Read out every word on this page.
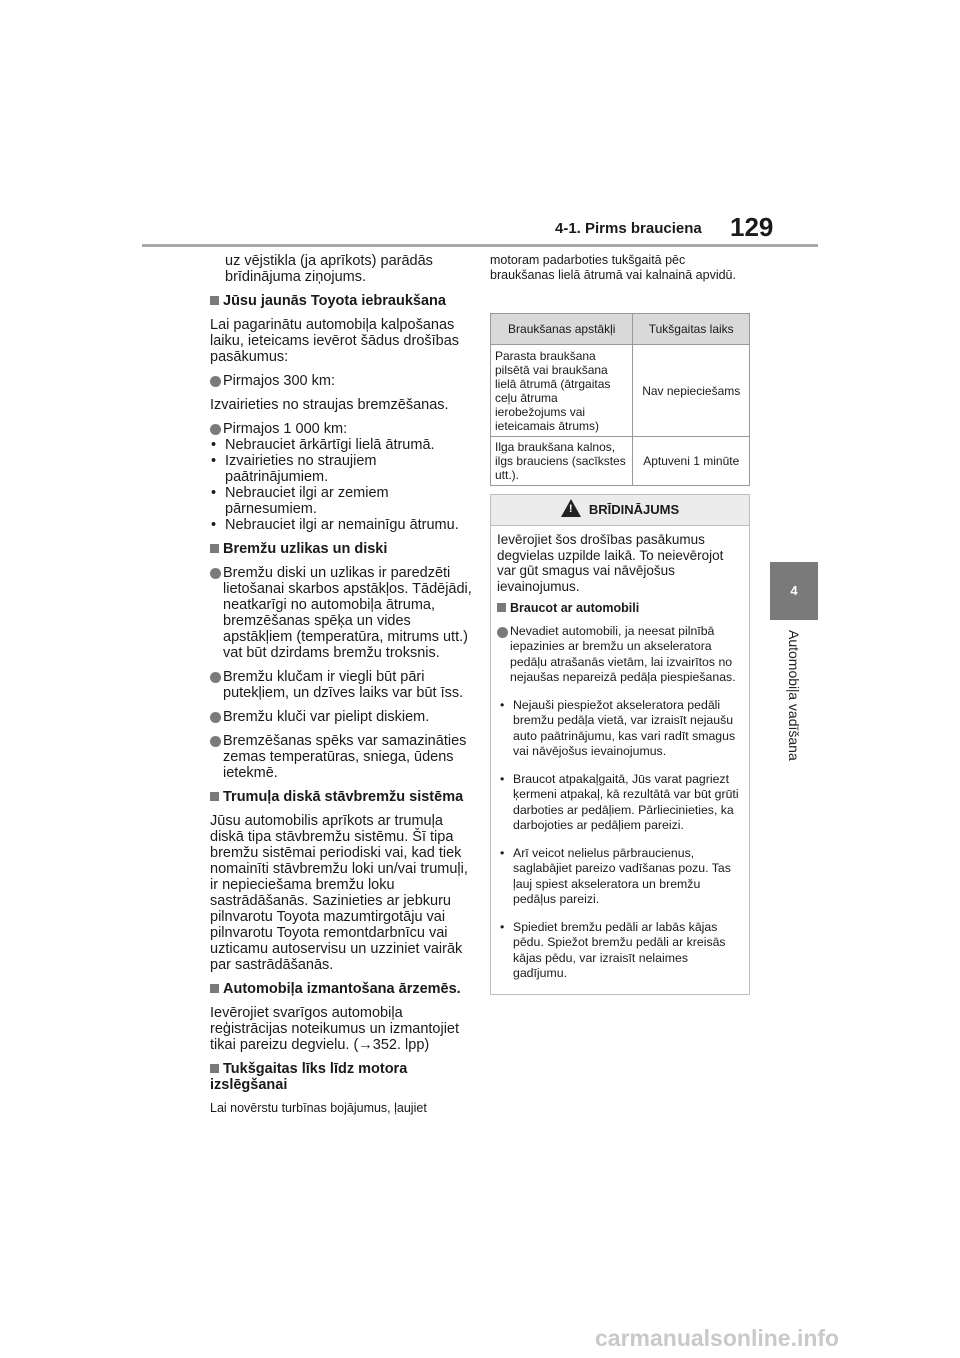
4-1. Pirms brauciena 129
4
Automobiļa vadīšana

uz vējstikla (ja aprīkots) parādās brīdinājuma ziņojums.

Jūsu jaunās Toyota iebraukšana

Lai pagarinātu automobiļa kalpošanas laiku, ieteicams ievērot šādus drošības pasākumus:

Pirmajos 300 km:

Izvairieties no straujas bremzēšanas.

Pirmajos 1 000 km:
• Nebrauciet ārkārtīgi lielā ātrumā.
• Izvairieties no straujiem paātrinājumiem.
• Nebrauciet ilgi ar zemiem pārnesumiem.
• Nebrauciet ilgi ar nemainīgu ātrumu.

Bremžu uzlikas un diski

Bremžu diski un uzlikas ir paredzēti lietošanai skarbos apstākļos. Tādējādi, neatkarīgi no automobiļa ātruma, bremzēšanas spēķa un vides apstākļiem (temperatūra, mitrums utt.) vat būt dzirdams bremžu troksnis.
Bremžu klučam ir viegli būt pāri putekļiem, un dzīves laiks var būt īss.
Bremžu kluči var pielipt diskiem.
Bremzēšanas spēks var samazināties zemas temperatūras, sniega, ūdens ietekmē.

Trumuļa diskā stāvbremžu sistēma

Jūsu automobilis aprīkots ar trumuļa diskā tipa stāvbremžu sistēmu. Šī tipa bremžu sistēmai periodiski vai, kad tiek nomainīti stāvbremžu loki un/vai trumuļi, ir nepieciešama bremžu loku sastrādāšanās. Sazinieties ar jebkuru pilnvarotu Toyota mazumtirgotāju vai pilnvarotu Toyota remontdarbnīcu vai uzticamu autoservisu un uzziniet vairāk par sastrādāšanās.

Automobiļa izmantošana ārzemēs.

Ievērojiet svarīgos automobiļa reģistrācijas noteikumus un izmantojiet tikai pareizu degvielu. (→352. lpp)

Tukšgaitas līks līdz motora izslēgšanai

Lai novērstu turbīnas bojājumus, ļaujiet

motoram padarboties tukšgaitā pēc braukšanas lielā ātrumā vai kalnainā apvidū.
Braukšanas apstākļi	Tukšgaitas laiks
Parasta braukšana pilsētā vai braukšana lielā ātrumā (ātrgaitas ceļu ātruma ierobežojums vai ieteicamais ātrums)	Nav nepieciešams
Ilga braukšana kalnos, ilgs brauciens (sacīkstes utt.).	Aptuveni 1 minūte
!BRĪDINĀJUMS

Ievērojiet šos drošības pasākumus degvielas uzpilde laikā. To neievērojot var gūt smagus vai nāvējošus ievainojumus.

Braucot ar automobili

Nevadiet automobili, ja neesat pilnībā iepazinies ar bremžu un akseleratora pedāļu atrašanās vietām, lai izvairītos no nejaušas nepareizā pedāļa piespiešanas.
• Nejauši piespiežot akseleratora pedāli bremžu pedāļa vietā, var izraisīt nejaušu auto paātrinājumu, kas vari radīt smagus vai nāvējošus ievainojumus.
• Braucot atpakaļgaitā, Jūs varat pagriezt ķermeni atpakaļ, kā rezultātā var būt grūti darboties ar pedāļiem. Pārliecinieties, ka darbojoties ar pedāļiem pareizi.
• Arī veicot nelielus pārbraucienus, saglabājiet pareizo vadīšanas pozu. Tas ļauj spiest akseleratora un bremžu pedāļus pareizi.
• Spiediet bremžu pedāli ar labās kājas pēdu. Spiežot bremžu pedāli ar kreisās kājas pēdu, var izraisīt nelaimes gadījumu.
carmanualsonline.info
